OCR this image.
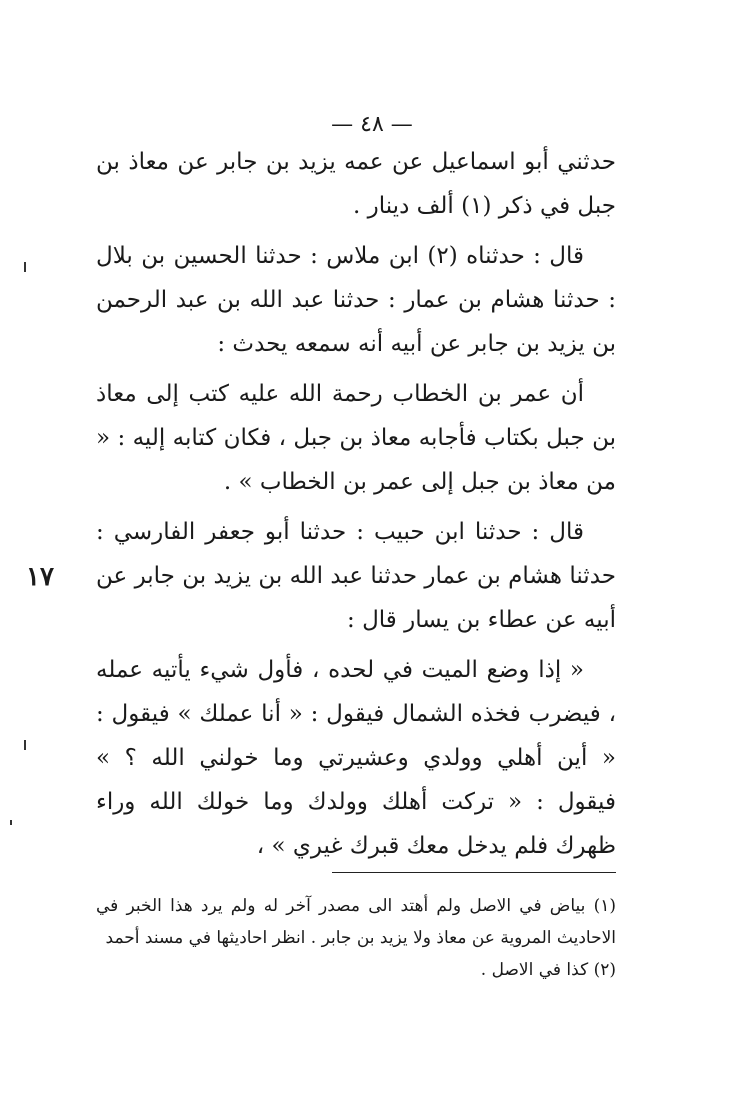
— ٤٨ —
١٧

حدثني أبو اسماعيل عن عمه يزيد بن جابر عن معاذ بن جبل في ذكر (١) ألف دينار .

قال : حدثناه (٢) ابن ملاس : حدثنا الحسين بن بلال : حدثنا هشام بن عمار : حدثنا عبد الله بن عبد الرحمن بن يزيد بن جابر عن أبيه أنه سمعه يحدث :

أن عمر بن الخطاب رحمة الله عليه كتب إلى معاذ بن جبل بكتاب فأجابه معاذ بن جبل ، فكان كتابه إليه : « من معاذ بن جبل إلى عمر بن الخطاب » .

قال : حدثنا ابن حبيب : حدثنا أبو جعفر الفارسي : حدثنا هشام بن عمار حدثنا عبد الله بن يزيد بن جابر عن أبيه عن عطاء بن يسار قال :

« إذا وضع الميت في لحده ، فأول شيء يأتيه عمله ، فيضرب فخذه الشمال فيقول : « أنا عملك » فيقول : « أين أهلي وولدي وعشيرتي وما خولني الله ؟ » فيقول : « تركت أهلك وولدك وما خولك الله وراء ظهرك فلم يدخل معك قبرك غيري » ،

(١) بياض في الاصل ولم أهتد الى مصدر آخر له ولم يرد هذا الخبر في الاحاديث المروية عن معاذ ولا يزيد بن جابر . انظر احاديثها في مسند أحمد

(٢) كذا في الاصل .
